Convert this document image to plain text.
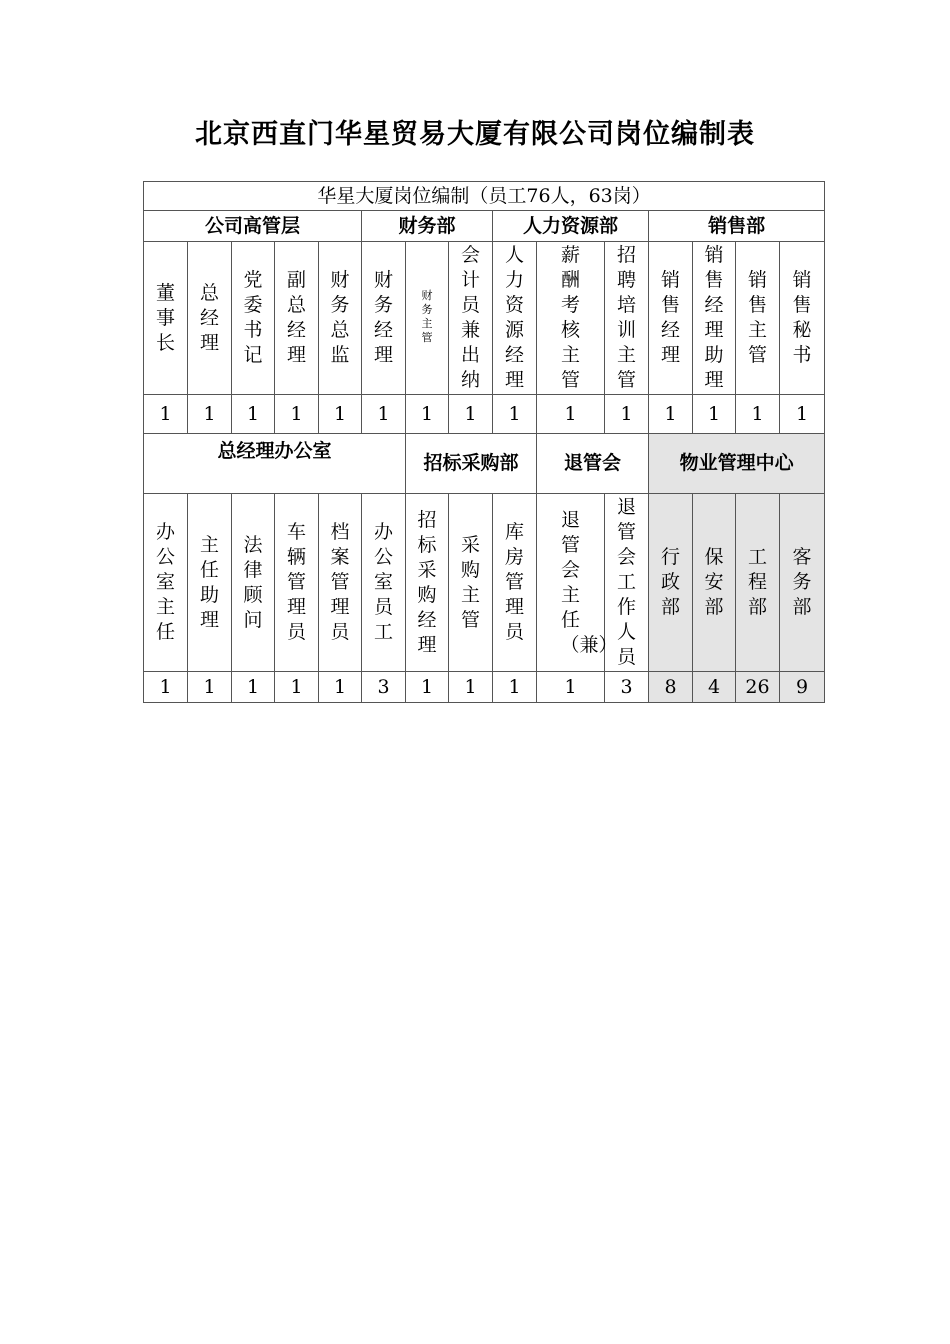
北京西直门华星贸易大厦有限公司岗位编制表
华星大厦岗位编制（员工76人，63岗）														
公司高管层					财务部			人力资源部			销售部			
董事长	总经理	党委书记	副总经理	财务总监	财务经理	财务主管	会计员兼出纳	人力资源经理	薪酬考核主管	招聘培训主管	销售经理	销售经理助理	销售主管	销售秘书
1	1	1	1	1	1	1	1	1	1	1	1	1	1	1
总经理办公室						招标采购部			退管会		物业管理中心			
办公室主任	主任助理	法律顾问	车辆管理员	档案管理员	办公室员工	招标采购经理	采购主管	库房管理员	退管会主任（兼）	退管会工作人员	行政部	保安部	工程部	客务部
1	1	1	1	1	3	1	1	1	1	3	8	4	26	9
